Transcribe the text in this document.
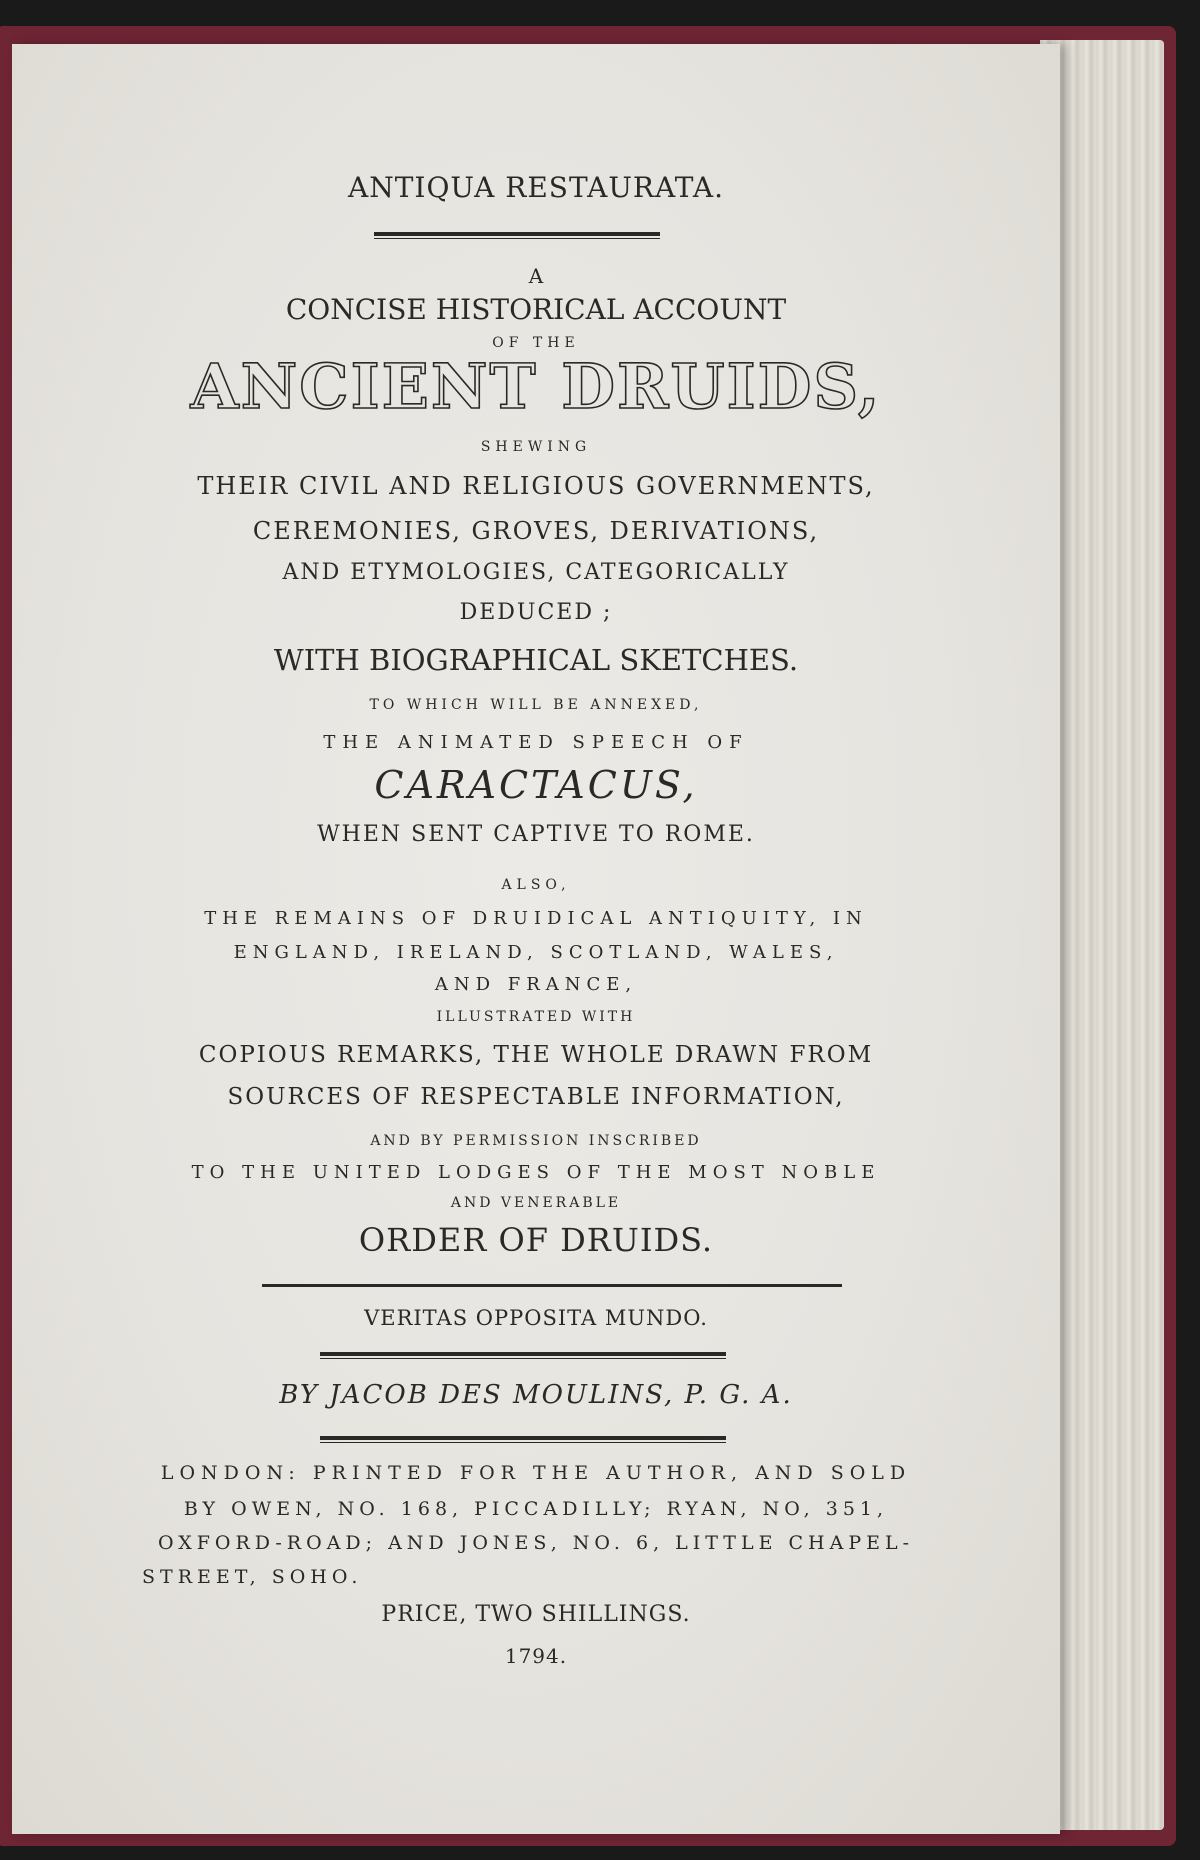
ANTIQUA RESTAURATA.
A
CONCISE HISTORICAL ACCOUNT
OF THE
ANCIENT DRUIDS,
SHEWING
THEIR CIVIL AND RELIGIOUS GOVERNMENTS,
CEREMONIES, GROVES, DERIVATIONS,
AND ETYMOLOGIES, CATEGORICALLY
DEDUCED ;
WITH BIOGRAPHICAL SKETCHES.
TO WHICH WILL BE ANNEXED,
THE ANIMATED SPEECH OF
CARACTACUS,
WHEN SENT CAPTIVE TO ROME.
ALSO,
THE REMAINS OF DRUIDICAL ANTIQUITY, IN
ENGLAND, IRELAND, SCOTLAND, WALES,
AND FRANCE,
ILLUSTRATED WITH
COPIOUS REMARKS, THE WHOLE DRAWN FROM
SOURCES OF RESPECTABLE INFORMATION,
AND BY PERMISSION INSCRIBED
TO THE UNITED LODGES OF THE MOST NOBLE
AND VENERABLE
ORDER OF DRUIDS.
VERITAS OPPOSITA MUNDO.
BY JACOB DES MOULINS, P. G. A.
LONDON: PRINTED FOR THE AUTHOR, AND SOLD
BY OWEN, NO. 168, PICCADILLY; RYAN, NO, 351,
OXFORD-ROAD; AND JONES, NO. 6, LITTLE CHAPEL-
STREET, SOHO.
PRICE, TWO SHILLINGS.
1794.
